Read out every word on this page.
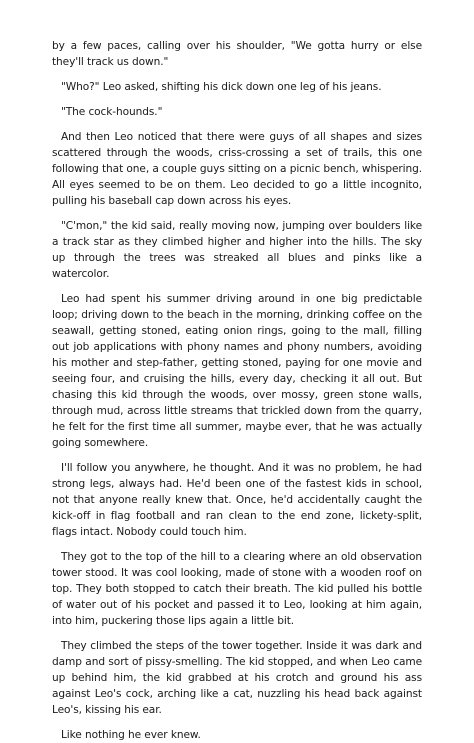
by a few paces, calling over his shoulder, "We gotta hurry or else they'll track us down."

"Who?" Leo asked, shifting his dick down one leg of his jeans.

"The cock-hounds."

And then Leo noticed that there were guys of all shapes and sizes scattered through the woods, criss-crossing a set of trails, this one following that one, a couple guys sitting on a picnic bench, whispering. All eyes seemed to be on them. Leo decided to go a little incognito, pulling his baseball cap down across his eyes.

"C'mon," the kid said, really moving now, jumping over boulders like a track star as they climbed higher and higher into the hills. The sky up through the trees was streaked all blues and pinks like a watercolor.

Leo had spent his summer driving around in one big predictable loop; driving down to the beach in the morning, drinking coffee on the seawall, getting stoned, eating onion rings, going to the mall, filling out job applications with phony names and phony numbers, avoiding his mother and step-father, getting stoned, paying for one movie and seeing four, and cruising the hills, every day, checking it all out. But chasing this kid through the woods, over mossy, green stone walls, through mud, across little streams that trickled down from the quarry, he felt for the first time all summer, maybe ever, that he was actually going somewhere.

I'll follow you anywhere, he thought. And it was no problem, he had strong legs, always had. He'd been one of the fastest kids in school, not that anyone really knew that. Once, he'd accidentally caught the kick-off in flag football and ran clean to the end zone, lickety-split, flags intact. Nobody could touch him.

They got to the top of the hill to a clearing where an old observation tower stood. It was cool looking, made of stone with a wooden roof on top. They both stopped to catch their breath. The kid pulled his bottle of water out of his pocket and passed it to Leo, looking at him again, into him, puckering those lips again a little bit.

They climbed the steps of the tower together. Inside it was dark and damp and sort of pissy-smelling. The kid stopped, and when Leo came up behind him, the kid grabbed at his crotch and ground his ass against Leo's cock, arching like a cat, nuzzling his head back against Leo's, kissing his ear.

Like nothing he ever knew.
